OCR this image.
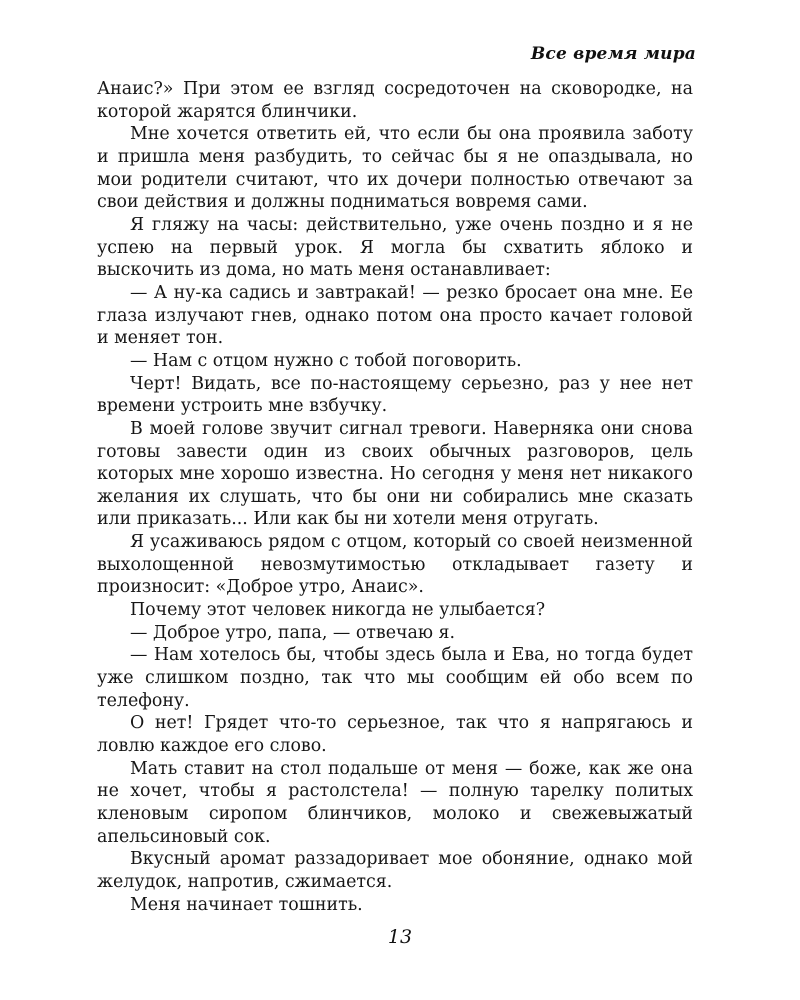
Все время мира

Анаис?» При этом ее взгляд сосредоточен на сковородке, на которой жарятся блинчики.

Мне хочется ответить ей, что если бы она проявила заботу и пришла меня разбудить, то сейчас бы я не опаздывала, но мои родители считают, что их дочери полностью отвечают за свои действия и должны подниматься вовремя сами.

Я гляжу на часы: действительно, уже очень поздно и я не успею на первый урок. Я могла бы схватить яблоко и выскочить из дома, но мать меня останавливает:

— А ну-ка садись и завтракай! — резко бросает она мне. Ее глаза излучают гнев, однако потом она просто качает головой и меняет тон.

— Нам с отцом нужно с тобой поговорить.

Черт! Видать, все по-настоящему серьезно, раз у нее нет времени устроить мне взбучку.

В моей голове звучит сигнал тревоги. Наверняка они снова готовы завести один из своих обычных разговоров, цель которых мне хорошо известна. Но сегодня у меня нет никакого желания их слушать, что бы они ни собирались мне сказать или приказать... Или как бы ни хотели меня отругать.

Я усаживаюсь рядом с отцом, который со своей неизменной выхолощенной невозмутимостью откладывает газету и произносит: «Доброе утро, Анаис».

Почему этот человек никогда не улыбается?

— Доброе утро, папа, — отвечаю я.

— Нам хотелось бы, чтобы здесь была и Ева, но тогда будет уже слишком поздно, так что мы сообщим ей обо всем по телефону.

О нет! Грядет что-то серьезное, так что я напрягаюсь и ловлю каждое его слово.

Мать ставит на стол подальше от меня — боже, как же она не хочет, чтобы я растолстела! — полную тарелку политых кленовым сиропом блинчиков, молоко и свежевыжатый апельсиновый сок.

Вкусный аромат раззадоривает мое обоняние, однако мой желудок, напротив, сжимается.

Меня начинает тошнить.

13
